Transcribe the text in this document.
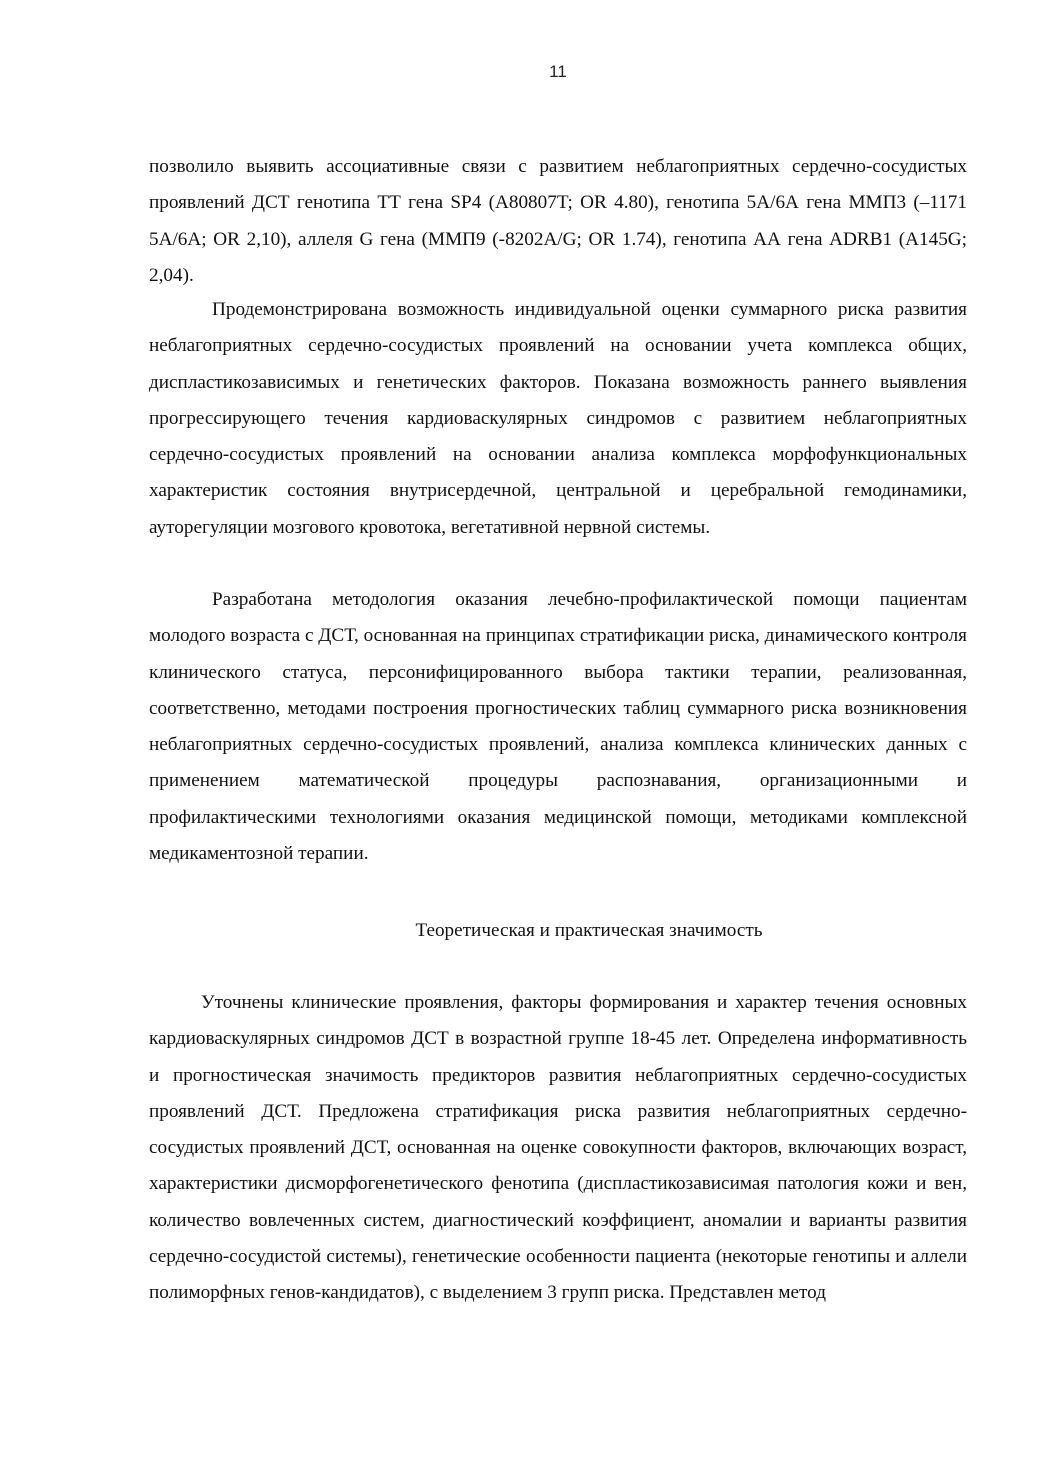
11

позволило выявить ассоциативные связи с развитием неблагоприятных сердечно-сосудистых проявлений ДСТ генотипа ТТ гена SP4 (A80807T; OR 4.80), генотипа 5А/6А гена ММП3 (–1171 5А/6А; OR 2,10), аллеля G гена (ММП9 (-8202A/G; OR 1.74), генотипа АА гена ADRB1 (A145G; 2,04).

Продемонстрирована возможность индивидуальной оценки суммарного риска развития неблагоприятных сердечно-сосудистых проявлений на основании учета комплекса общих, диспластикозависимых и генетических факторов. Показана возможность раннего выявления прогрессирующего течения кардиоваскулярных синдромов с развитием неблагоприятных сердечно-сосудистых проявлений на основании анализа комплекса морфофункциональных характеристик состояния внутрисердечной, центральной и церебральной гемодинамики, ауторегуляции мозгового кровотока, вегетативной нервной системы.

Разработана методология оказания лечебно-профилактической помощи пациентам молодого возраста с ДСТ, основанная на принципах стратификации риска, динамического контроля клинического статуса, персонифицированного выбора тактики терапии, реализованная, соответственно, методами построения прогностических таблиц суммарного риска возникновения неблагоприятных сердечно-сосудистых проявлений, анализа комплекса клинических данных с применением математической процедуры распознавания, организационными и профилактическими технологиями оказания медицинской помощи, методиками комплексной медикаментозной терапии.

Теоретическая и практическая значимость

Уточнены клинические проявления, факторы формирования и характер течения основных кардиоваскулярных синдромов ДСТ в возрастной группе 18-45 лет. Определена информативность и прогностическая значимость предикторов развития неблагоприятных сердечно-сосудистых проявлений ДСТ. Предложена стратификация риска развития неблагоприятных сердечно-сосудистых проявлений ДСТ, основанная на оценке совокупности факторов, включающих возраст, характеристики дисморфогенетического фенотипа (диспластикозависимая патология кожи и вен, количество вовлеченных систем, диагностический коэффициент, аномалии и варианты развития сердечно-сосудистой системы), генетические особенности пациента (некоторые генотипы и аллели полиморфных генов-кандидатов), с выделением 3 групп риска. Представлен метод
